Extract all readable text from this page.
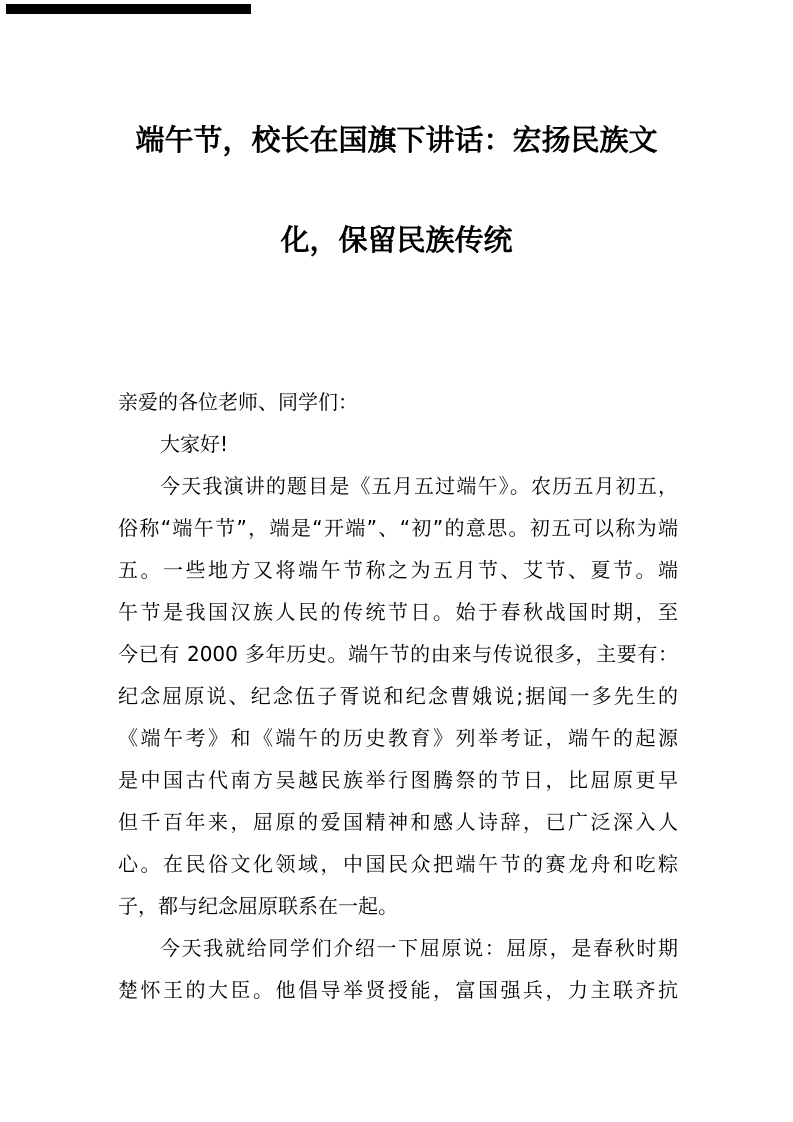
端午节，校长在国旗下讲话：宏扬民族文
化，保留民族传统
亲爱的各位老师、同学们：
大家好!
今天我演讲的题目是《五月五过端午》。农历五月初五，
俗称“端午节”，端是“开端”、“初”的意思。初五可以称为端
五。一些地方又将端午节称之为五月节、艾节、夏节。端
午节是我国汉族人民的传统节日。始于春秋战国时期，至
今已有 2000 多年历史。端午节的由来与传说很多，主要有：
纪念屈原说、纪念伍子胥说和纪念曹娥说;据闻一多先生的
《端午考》和《端午的历史教育》列举考证，端午的起源
是中国古代南方吴越民族举行图腾祭的节日，比屈原更早
但千百年来，屈原的爱国精神和感人诗辞，已广泛深入人
心。在民俗文化领域，中国民众把端午节的赛龙舟和吃粽
子，都与纪念屈原联系在一起。
今天我就给同学们介绍一下屈原说：屈原，是春秋时期
楚怀王的大臣。他倡导举贤授能，富国强兵，力主联齐抗
